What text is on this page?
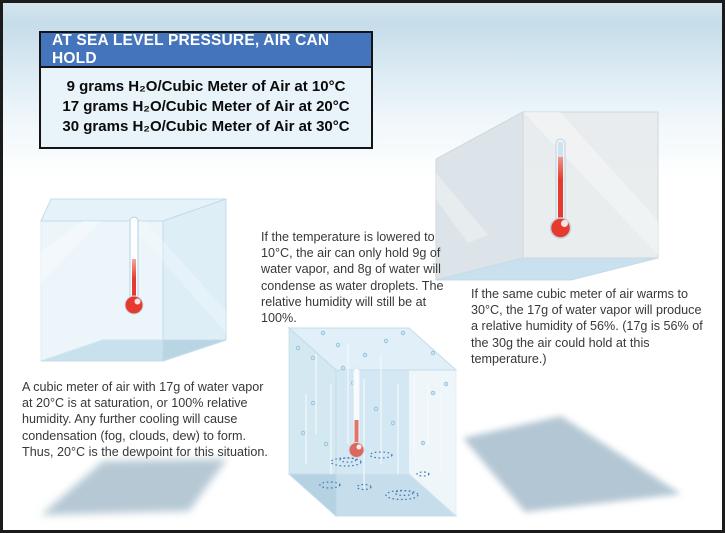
AT SEA LEVEL PRESSURE, AIR CAN HOLD
9 grams H₂O/Cubic Meter of Air at 10°C
17 grams H₂O/Cubic Meter of Air at 20°C
30 grams H₂O/Cubic Meter of Air at 30°C
If the temperature is lowered to 10°C, the air can only hold 9g of water vapor, and 8g of water will condense as water droplets. The relative humidity will still be at 100%.
If the same cubic meter of air warms to 30°C, the 17g of water vapor will produce a relative humidity of 56%. (17g is 56% of the 30g the air could hold at this temperature.)
A cubic meter of air with 17g of water vapor at 20°C is at saturation, or 100% relative humidity. Any further cooling will cause condensation (fog, clouds, dew) to form. Thus, 20°C is the dewpoint for this situation.
